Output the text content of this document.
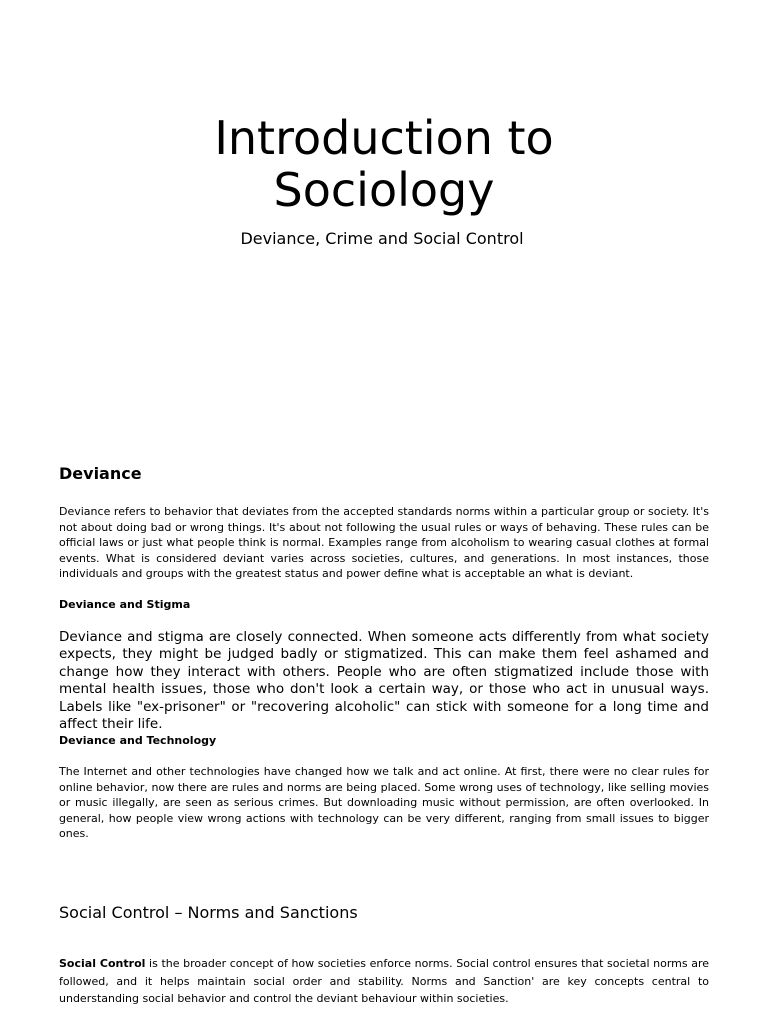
Introduction to
Sociology

Deviance, Crime and Social Control

Deviance

Deviance refers to behavior that deviates from the accepted standards norms within a particular group or society. It's not about doing bad or wrong things. It's about not following the usual rules or ways of behaving. These rules can be official laws or just what people think is normal. Examples range from alcoholism to wearing casual clothes at formal events. What is considered deviant varies across societies, cultures, and generations. In most instances, those individuals and groups with the greatest status and power define what is acceptable an what is deviant.

Deviance and Stigma

Deviance and stigma are closely connected. When someone acts differently from what society expects, they might be judged badly or stigmatized. This can make them feel ashamed and change how they interact with others. People who are often stigmatized include those with mental health issues, those who don't look a certain way, or those who act in unusual ways. Labels like "ex-prisoner" or "recovering alcoholic" can stick with someone for a long time and affect their life.

Deviance and Technology

The Internet and other technologies have changed how we talk and act online. At first, there were no clear rules for online behavior, now there are rules and norms are being placed. Some wrong uses of technology, like selling movies or music illegally, are seen as serious crimes. But downloading music without permission, are often overlooked. In general, how people view wrong actions with technology can be very different, ranging from small issues to bigger ones.

Social Control – Norms and Sanctions

Social Control is the broader concept of how societies enforce norms. Social control ensures that societal norms are followed, and it helps maintain social order and stability. Norms and Sanction' are key concepts central to understanding social behavior and control the deviant behaviour within societies.
